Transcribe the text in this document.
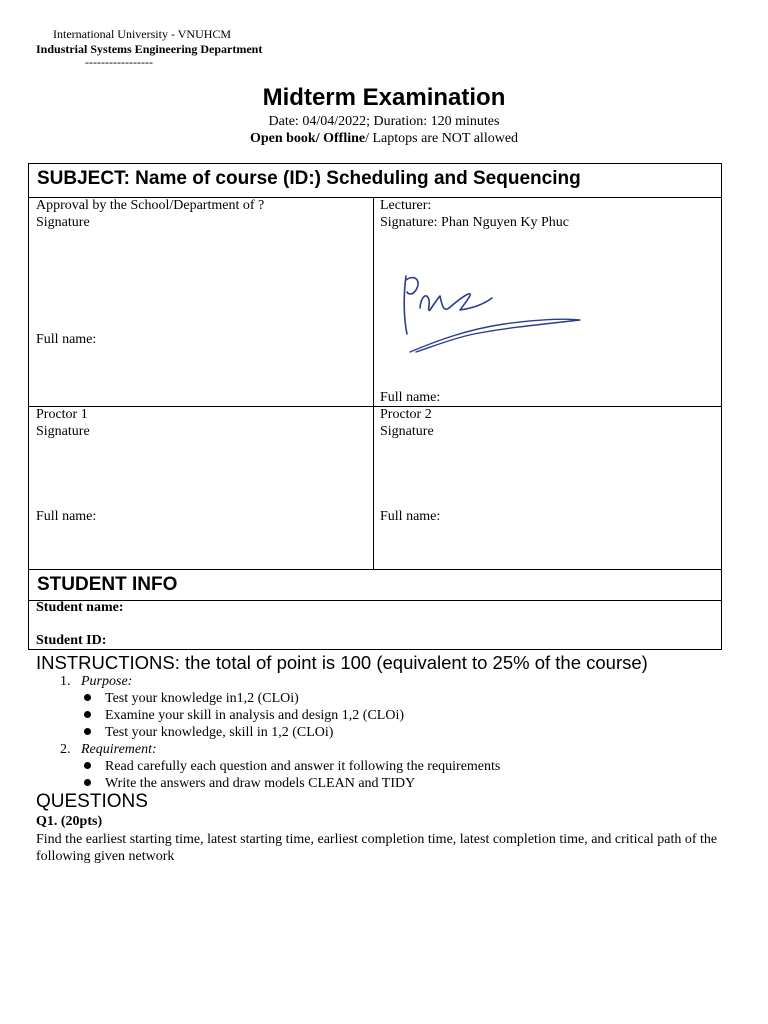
International University - VNUHCM
Industrial Systems Engineering Department
-----------------
Midterm Examination
Date: 04/04/2022; Duration: 120 minutes
Open book/ Offline/ Laptops are NOT allowed
SUBJECT: Name of course (ID:) Scheduling and Sequencing
Approval by the School/Department of ?
Signature
Full name:
Lecturer:
Signature: Phan Nguyen Ky Phuc
Full name:
Proctor 1
Signature
Full name:
Proctor 2
Signature
Full name:
STUDENT INFO
Student name:
Student ID:
INSTRUCTIONS: the total of point is 100 (equivalent to 25% of the course)
1. Purpose:
Test your knowledge in1,2 (CLOi)
Examine your skill in analysis and design 1,2 (CLOi)
Test your knowledge, skill in 1,2 (CLOi)
2. Requirement:
Read carefully each question and answer it following the requirements
Write the answers and draw models CLEAN and TIDY
QUESTIONS
Q1. (20pts)
Find the earliest starting time, latest starting time, earliest completion time, latest completion time, and critical path of the following given network
